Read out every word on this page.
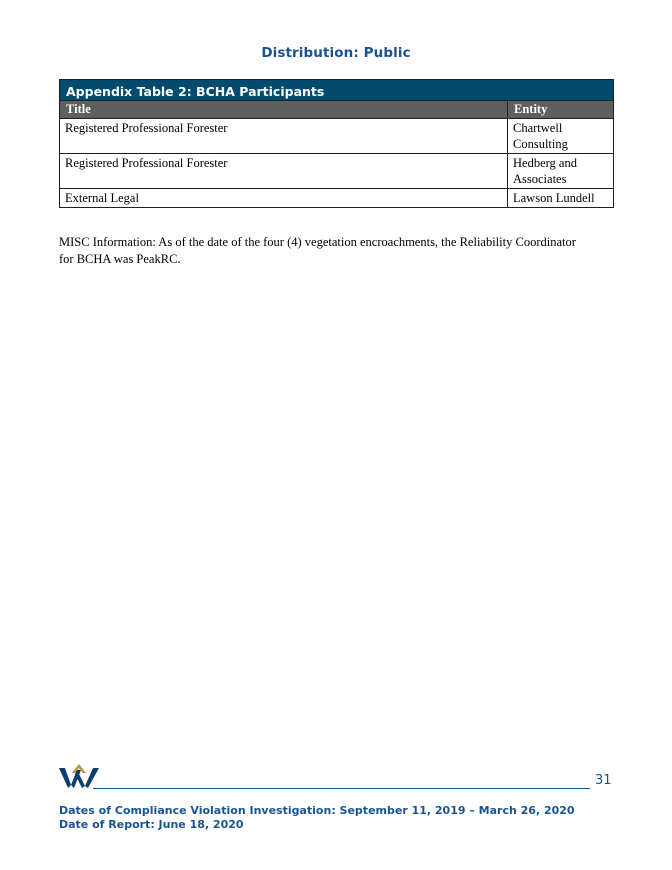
Distribution: Public
Appendix Table 2: BCHA Participants	
Title	Entity
Registered Professional Forester	Chartwell
Consulting

Registered Professional Forester	Hedberg and
Associates

External Legal	Lawson Lundell
MISC Information: As of the date of the four (4) vegetation encroachments, the Reliability Coordinator
for BCHA was PeakRC.
31
Dates of Compliance Violation Investigation: September 11, 2019 – March 26, 2020
Date of Report: June 18, 2020
